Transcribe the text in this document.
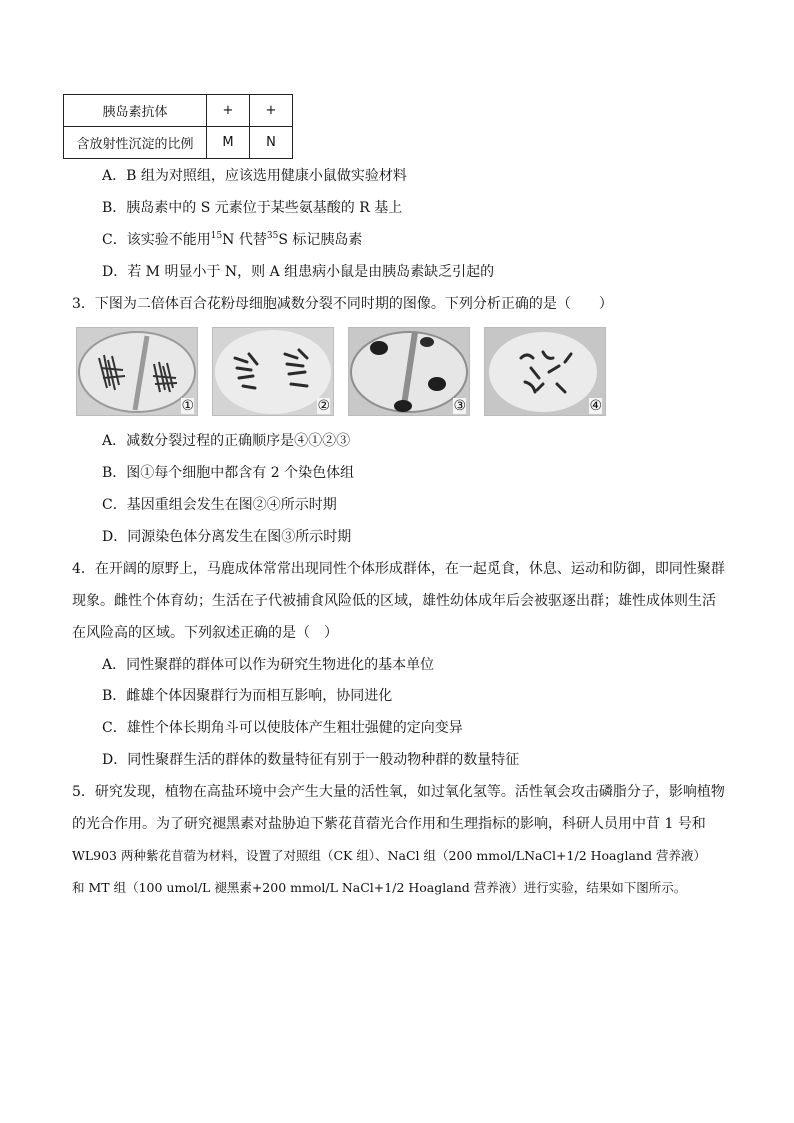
胰岛素抗体	+	+
含放射性沉淀的比例	M	N
A．B 组为对照组，应该选用健康小鼠做实验材料
B．胰岛素中的 S 元素位于某些氨基酸的 R 基上
C．该实验不能用$^{15}$N 代替$^{35}$S 标记胰岛素
D．若 M 明显小于 N，则 A 组患病小鼠是由胰岛素缺乏引起的
3．下图为二倍体百合花粉母细胞减数分裂不同时期的图像。下列分析正确的是（　　）
①	②	③	④
A．减数分裂过程的正确顺序是④①②③
B．图①每个细胞中都含有 2 个染色体组
C．基因重组会发生在图②④所示时期
D．同源染色体分离发生在图③所示时期
4．在开阔的原野上，马鹿成体常常出现同性个体形成群体，在一起觅食，休息、运动和防御，即同性聚群
现象。雌性个体育幼；生活在子代被捕食风险低的区域，雄性幼体成年后会被驱逐出群；雄性成体则生活
在风险高的区域。下列叙述正确的是（　）
A．同性聚群的群体可以作为研究生物进化的基本单位
B．雌雄个体因聚群行为而相互影响，协同进化
C．雄性个体长期角斗可以使肢体产生粗壮强健的定向变异
D．同性聚群生活的群体的数量特征有别于一般动物种群的数量特征
5．研究发现，植物在高盐环境中会产生大量的活性氧，如过氧化氢等。活性氧会攻击磷脂分子，影响植物
的光合作用。为了研究褪黑素对盐胁迫下紫花苜蓿光合作用和生理指标的影响，科研人员用中苜 1 号和
WL903 两种紫花苜蓿为材料，设置了对照组（CK 组）、NaCl 组（200 mmol/LNaCl+1/2 Hoagland 营养液）
和 MT 组（100 umol/L 褪黑素+200 mmol/L NaCl+1/2 Hoagland 营养液）进行实验，结果如下图所示。
